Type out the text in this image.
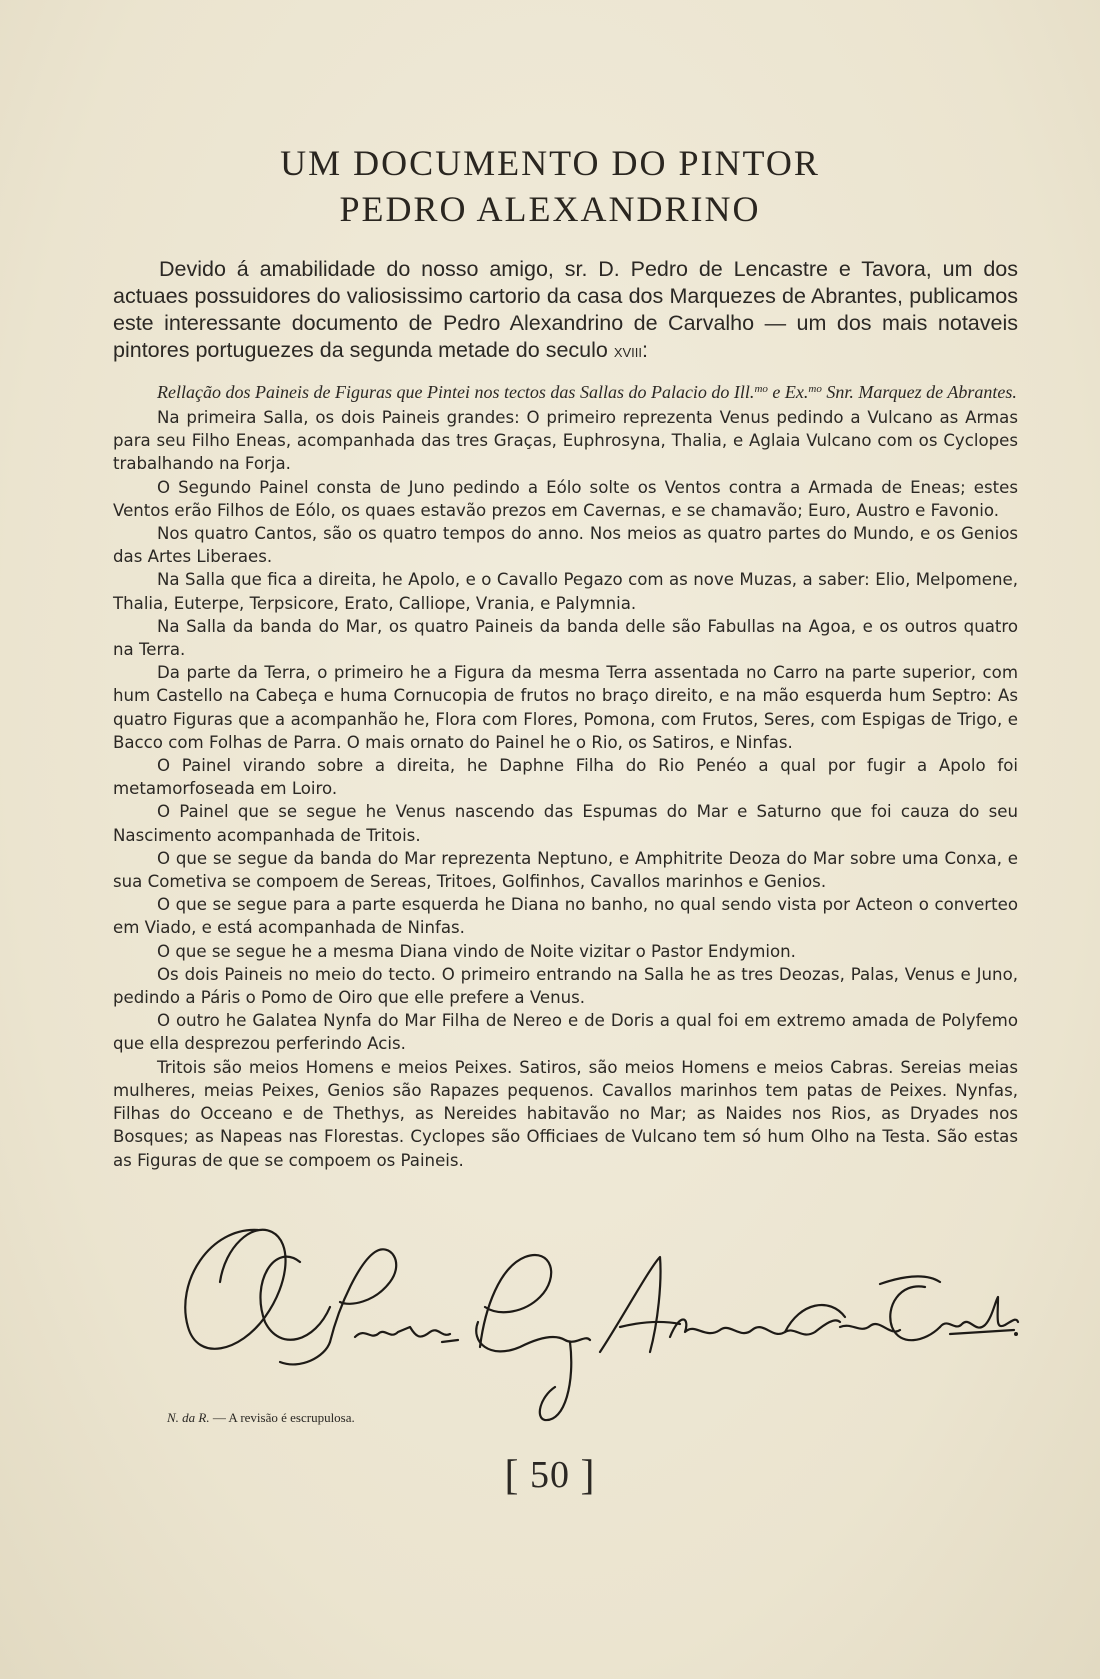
UM DOCUMENTO DO PINTOR
PEDRO ALEXANDRINO

Devido á amabilidade do nosso amigo, sr. D. Pedro de Lencastre e Tavora, um dos actuaes possuidores do valiosissimo cartorio da casa dos Marquezes de Abrantes, publicamos este interessante documento de Pedro Alexandrino de Carvalho — um dos mais notaveis pintores portuguezes da segunda metade do seculo xviii:

Rellação dos Paineis de Figuras que Pintei nos tectos das Sallas do Palacio do Ill.$^{mo}$ e Ex.$^{mo}$ Snr. Marquez de Abrantes.

Na primeira Salla, os dois Paineis grandes: O primeiro reprezenta Venus pedindo a Vulcano as Armas para seu Filho Eneas, acompanhada das tres Graças, Euphrosyna, Thalia, e Aglaia Vulcano com os Cyclopes trabalhando na Forja.

O Segundo Painel consta de Juno pedindo a Eólo solte os Ventos contra a Armada de Eneas; estes Ventos erão Filhos de Eólo, os quaes estavão prezos em Cavernas, e se chamavão; Euro, Austro e Favonio.

Nos quatro Cantos, são os quatro tempos do anno. Nos meios as quatro partes do Mundo, e os Genios das Artes Liberaes.

Na Salla que fica a direita, he Apolo, e o Cavallo Pegazo com as nove Muzas, a saber: Elio, Melpomene, Thalia, Euterpe, Terpsicore, Erato, Calliope, Vrania, e Palymnia.

Na Salla da banda do Mar, os quatro Paineis da banda delle são Fabullas na Agoa, e os outros quatro na Terra.

Da parte da Terra, o primeiro he a Figura da mesma Terra assentada no Carro na parte superior, com hum Castello na Cabeça e huma Cornucopia de frutos no braço direito, e na mão esquerda hum Septro: As quatro Figuras que a acompanhão he, Flora com Flores, Pomona, com Frutos, Seres, com Espigas de Trigo, e Bacco com Folhas de Parra. O mais ornato do Painel he o Rio, os Satiros, e Ninfas.

O Painel virando sobre a direita, he Daphne Filha do Rio Penéo a qual por fugir a Apolo foi metamorfoseada em Loiro.

O Painel que se segue he Venus nascendo das Espumas do Mar e Saturno que foi cauza do seu Nascimento acompanhada de Tritois.

O que se segue da banda do Mar reprezenta Neptuno, e Amphitrite Deoza do Mar sobre uma Conxa, e sua Cometiva se compoem de Sereas, Tritoes, Golfinhos, Cavallos marinhos e Genios.

O que se segue para a parte esquerda he Diana no banho, no qual sendo vista por Acteon o converteo em Viado, e está acompanhada de Ninfas.

O que se segue he a mesma Diana vindo de Noite vizitar o Pastor Endymion.

Os dois Paineis no meio do tecto. O primeiro entrando na Salla he as tres Deozas, Palas, Venus e Juno, pedindo a Páris o Pomo de Oiro que elle prefere a Venus.

O outro he Galatea Nynfa do Mar Filha de Nereo e de Doris a qual foi em extremo amada de Polyfemo que ella desprezou perferindo Acis.

Tritois são meios Homens e meios Peixes. Satiros, são meios Homens e meios Cabras. Sereias meias mulheres, meias Peixes, Genios são Rapazes pequenos. Cavallos marinhos tem patas de Peixes. Nynfas, Filhas do Occeano e de Thethys, as Nereides habitavão no Mar; as Naides nos Rios, as Dryades nos Bosques; as Napeas nas Florestas. Cyclopes são Officiaes de Vulcano tem só hum Olho na Testa. São estas as Figuras de que se compoem os Paineis.

N. da R. — A revisão é escrupulosa.
[ 50 ]
